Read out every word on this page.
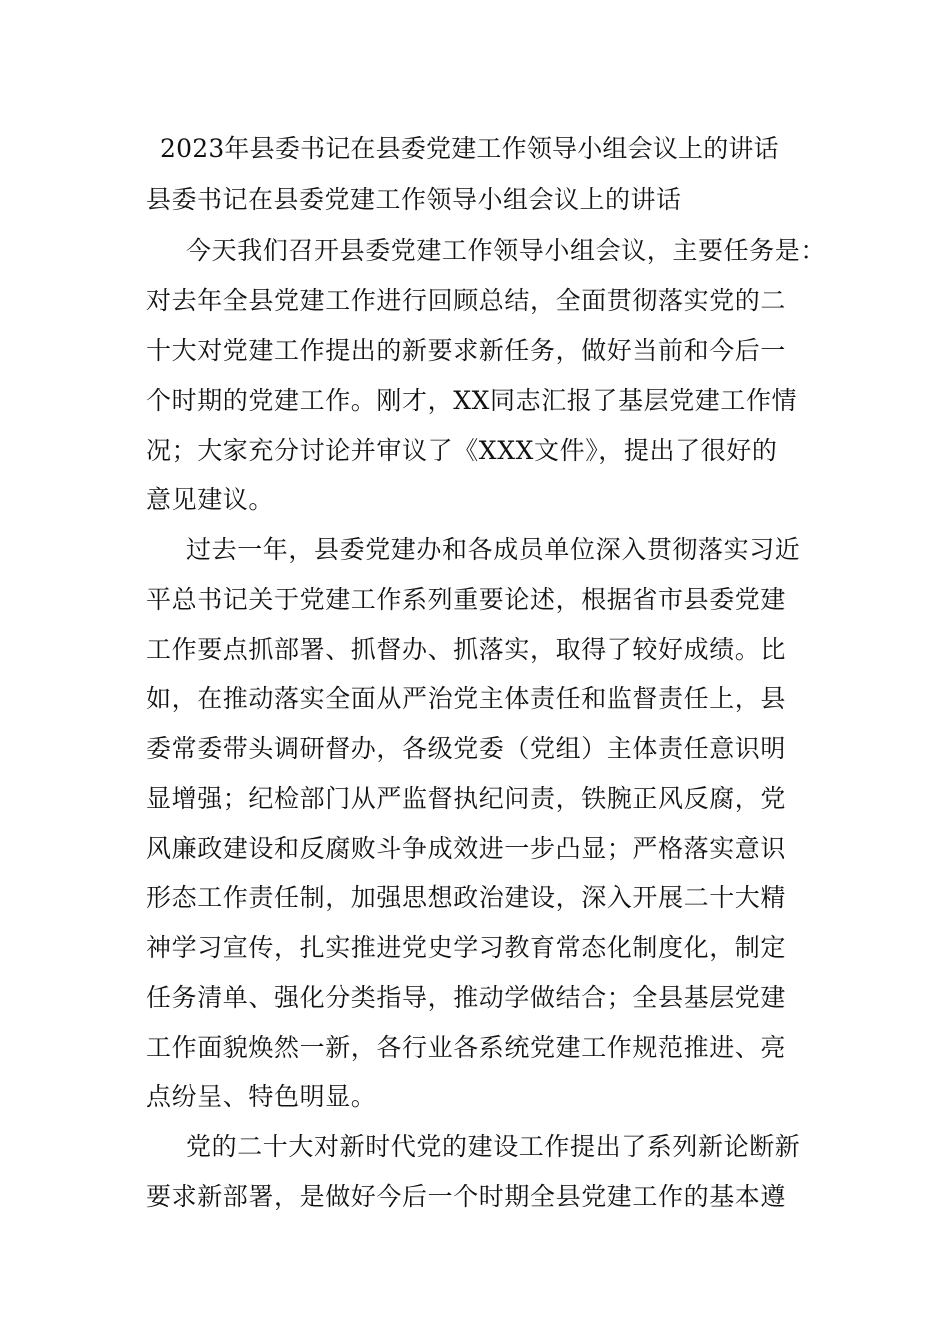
2023年县委书记在县委党建工作领导小组会议上的讲话
县委书记在县委党建工作领导小组会议上的讲话

今天我们召开县委党建工作领导小组会议，主要任务是：

对去年全县党建工作进行回顾总结，全面贯彻落实党的二

十大对党建工作提出的新要求新任务，做好当前和今后一

个时期的党建工作。刚才，XX同志汇报了基层党建工作情

况；大家充分讨论并审议了《XXX文件》，提出了很好的

意见建议。

过去一年，县委党建办和各成员单位深入贯彻落实习近

平总书记关于党建工作系列重要论述，根据省市县委党建

工作要点抓部署、抓督办、抓落实，取得了较好成绩。比

如，在推动落实全面从严治党主体责任和监督责任上，县

委常委带头调研督办，各级党委（党组）主体责任意识明

显增强；纪检部门从严监督执纪问责，铁腕正风反腐，党

风廉政建设和反腐败斗争成效进一步凸显；严格落实意识

形态工作责任制，加强思想政治建设，深入开展二十大精

神学习宣传，扎实推进党史学习教育常态化制度化，制定

任务清单、强化分类指导，推动学做结合；全县基层党建

工作面貌焕然一新，各行业各系统党建工作规范推进、亮

点纷呈、特色明显。

党的二十大对新时代党的建设工作提出了系列新论断新

要求新部署，是做好今后一个时期全县党建工作的基本遵
